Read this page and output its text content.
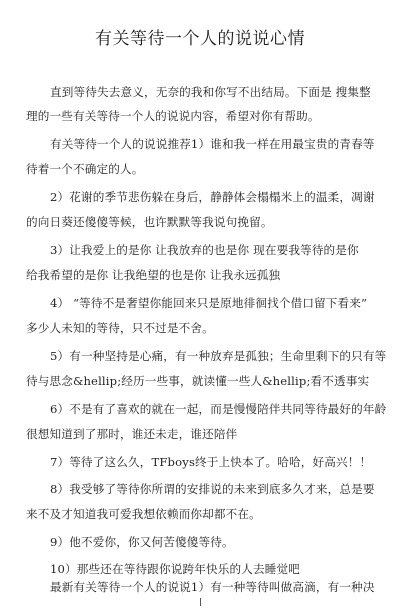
有关等待一个人的说说心情
直到等待失去意义，无奈的我和你写不出结局。下面是 搜集整
理的一些有关等待一个人的说说内容，希望对你有帮助。
有关等待一个人的说说推荐1）谁和我一样在用最宝贵的青春等
待着一个不确定的人。
2）花谢的季节悲伤躲在身后，静静体会榻榻米上的温柔，凋谢
的向日葵还傻傻等候，也许默默等我说句挽留。
3）让我爱上的是你 让我放弃的也是你 现在要我等待的是你
给我希望的是你 让我绝望的也是你 让我永远孤独
4） “等待不是奢望你能回来只是原地徘徊找个借口留下看来”
多少人未知的等待，只不过是不舍。
5）有一种坚持是心痛，有一种放弃是孤独；生命里剩下的只有等
待与思念&hellip;经历一些事，就读懂一些人&hellip;看不透事实
6）不是有了喜欢的就在一起，而是慢慢陪伴共同等待最好的年龄
很想知道到了那时，谁还未走，谁还陪伴
7）等待了这么久，TFboys终于上快本了。哈哈，好高兴！！
8）我受够了等待你所谓的安排说的未来到底多久才来，总是要
来不及才知道我可爱我想依赖而你却都不在。
9）他不爱你，你又何苦傻傻等待。
10）那些还在等待跟你说跨年快乐的人去睡觉吧
最新有关等待一个人的说说1）有一种等待叫做高滴，有一种决
